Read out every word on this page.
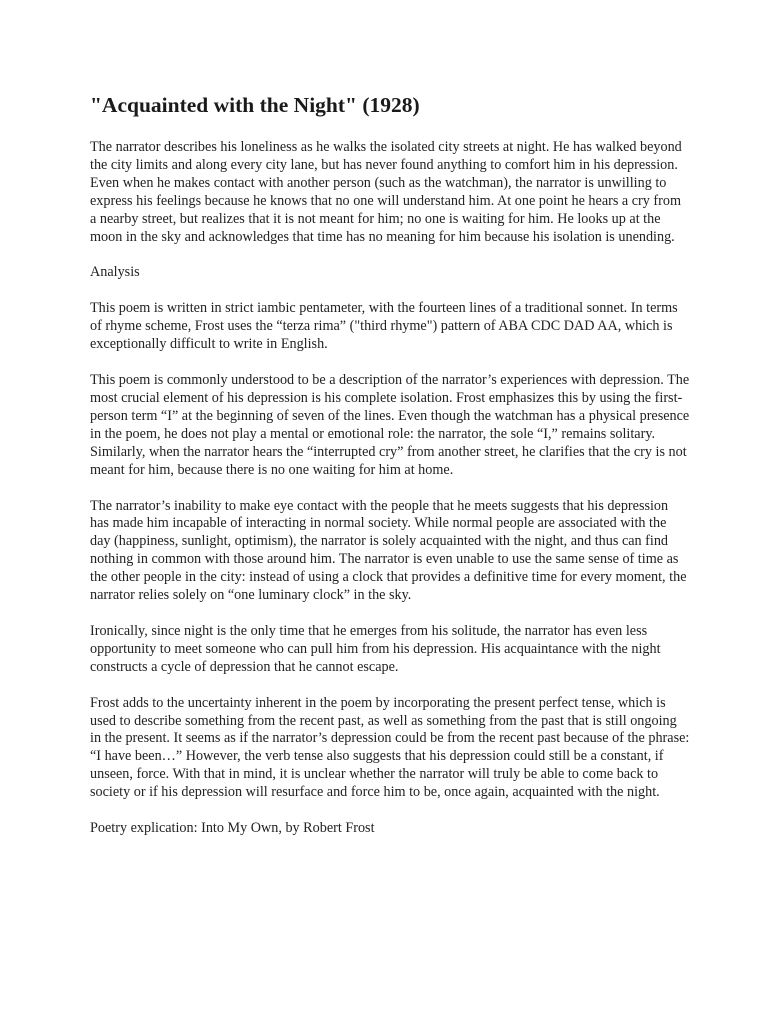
"Acquainted with the Night" (1928)

The narrator describes his loneliness as he walks the isolated city streets at night. He has walked beyond the city limits and along every city lane, but has never found anything to comfort him in his depression. Even when he makes contact with another person (such as the watchman), the narrator is unwilling to express his feelings because he knows that no one will understand him. At one point he hears a cry from a nearby street, but realizes that it is not meant for him; no one is waiting for him. He looks up at the moon in the sky and acknowledges that time has no meaning for him because his isolation is unending.

Analysis

This poem is written in strict iambic pentameter, with the fourteen lines of a traditional sonnet. In terms of rhyme scheme, Frost uses the “terza rima” ("third rhyme") pattern of ABA CDC DAD AA, which is exceptionally difficult to write in English.

This poem is commonly understood to be a description of the narrator’s experiences with depression. The most crucial element of his depression is his complete isolation. Frost emphasizes this by using the first-person term “I” at the beginning of seven of the lines. Even though the watchman has a physical presence in the poem, he does not play a mental or emotional role: the narrator, the sole “I,” remains solitary. Similarly, when the narrator hears the “interrupted cry” from another street, he clarifies that the cry is not meant for him, because there is no one waiting for him at home.

The narrator’s inability to make eye contact with the people that he meets suggests that his depression has made him incapable of interacting in normal society. While normal people are associated with the day (happiness, sunlight, optimism), the narrator is solely acquainted with the night, and thus can find nothing in common with those around him. The narrator is even unable to use the same sense of time as the other people in the city: instead of using a clock that provides a definitive time for every moment, the narrator relies solely on “one luminary clock” in the sky.

Ironically, since night is the only time that he emerges from his solitude, the narrator has even less opportunity to meet someone who can pull him from his depression. His acquaintance with the night constructs a cycle of depression that he cannot escape.

Frost adds to the uncertainty inherent in the poem by incorporating the present perfect tense, which is used to describe something from the recent past, as well as something from the past that is still ongoing in the present. It seems as if the narrator’s depression could be from the recent past because of the phrase: “I have been…” However, the verb tense also suggests that his depression could still be a constant, if unseen, force. With that in mind, it is unclear whether the narrator will truly be able to come back to society or if his depression will resurface and force him to be, once again, acquainted with the night.

Poetry explication: Into My Own, by Robert Frost
